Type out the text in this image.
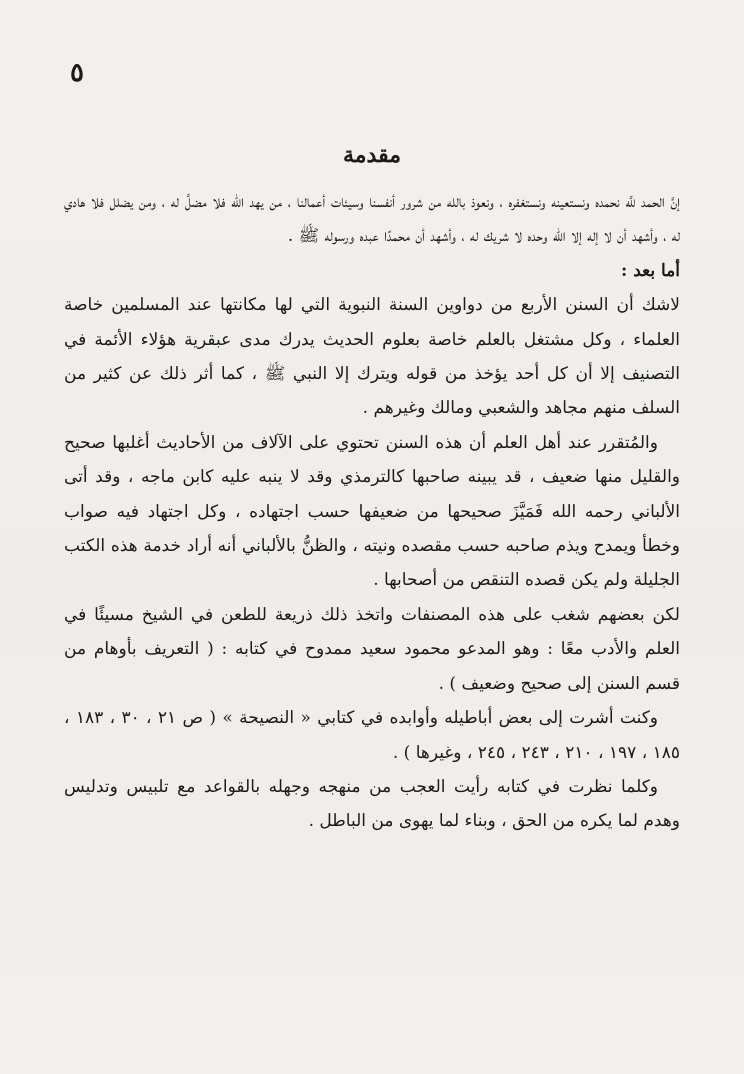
٥
مقدمة

إنَّ الحمد للَّه نحمده ونستعينه ونستغفره ، ونعوذ بالله من شرور أنفسنا وسيئات أعمالنا ، من يهد الله فلا مضلَّ له ، ومن يضلل فلا هادي له ، وأشهد أن لا إله إلا الله وحده لا شريك له ، وأشهد أن محمدًا عبده ورسوله ﷺ .

أما بعد :

لاشك أن السنن الأربع من دواوين السنة النبوية التي لها مكانتها عند المسلمين خاصة العلماء ، وكل مشتغل بالعلم خاصة بعلوم الحديث يدرك مدى عبقرية هؤلاء الأئمة في التصنيف إلا أن كل أحد يؤخذ من قوله ويترك إلا النبي ﷺ ، كما أثر ذلك عن كثير من السلف منهم مجاهد والشعبي ومالك وغيرهم .

والمُتقرر عند أهل العلم أن هذه السنن تحتوي على الآلاف من الأحاديث أغلبها صحيح والقليل منها ضعيف ، قد يبينه صاحبها كالترمذي وقد لا ينبه عليه كابن ماجه ، وقد أتى الألباني رحمه الله فَمَيَّزَ صحيحها من ضعيفها حسب اجتهاده ، وكل اجتهاد فيه صواب وخطأ ويمدح ويذم صاحبه حسب مقصده ونيته ، والظنُّ بالألباني أنه أراد خدمة هذه الكتب الجليلة ولم يكن قصده التنقص من أصحابها .

لكن بعضهم شغب على هذه المصنفات واتخذ ذلك ذريعة للطعن في الشيخ مسيئًا في العلم والأدب معًا : وهو المدعو محمود سعيد ممدوح في كتابه : ( التعريف بأوهام من قسم السنن إلى صحيح وضعيف ) .

وكنت أشرت إلى بعض أباطيله وأوابده في كتابي « النصيحة » ( ص ٢١ ، ٣٠ ، ١٨٣ ، ١٨٥ ، ١٩٧ ، ٢١٠ ، ٢٤٣ ، ٢٤٥ ، وغيرها ) .

وكلما نظرت في كتابه رأيت العجب من منهجه وجهله بالقواعد مع تلبيس وتدليس وهدم لما يكره من الحق ، وبناء لما يهوى من الباطل .
